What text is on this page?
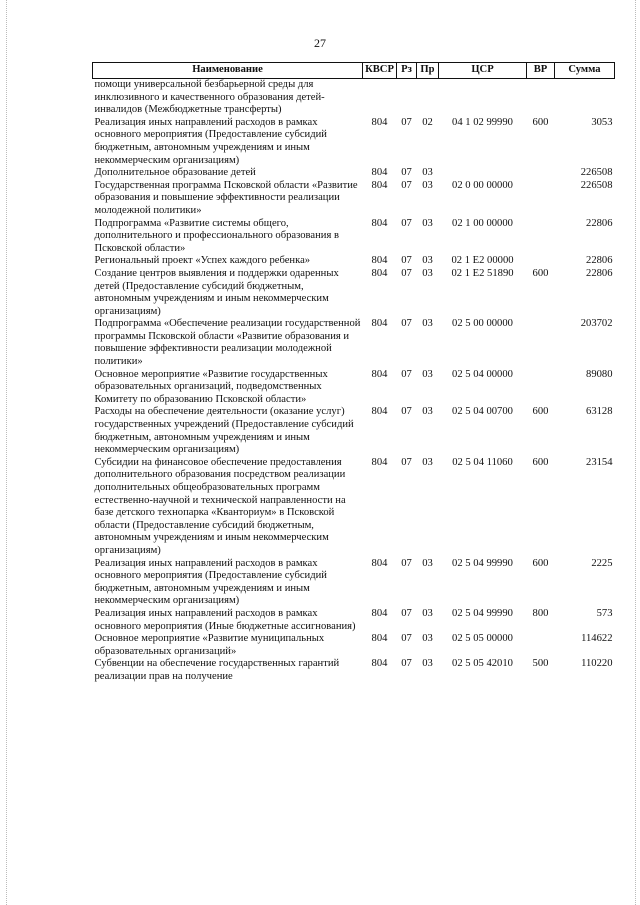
27
Наименование	КВСР	Рз	Пр	ЦСР	ВР	Сумма
помощи универсальной безбарьерной среды для инклюзивного и качественного образования детей-инвалидов (Межбюджетные трансферты)						
Реализация иных направлений расходов в рамках основного мероприятия (Предоставление субсидий бюджетным, автономным учреждениям и иным некоммерческим организациям)	804	07	02	04 1 02 99990	600	3053
Дополнительное образование детей	804	07	03			226508
Государственная программа Псковской области «Развитие образования и повышение эффективности реализации молодежной политики»	804	07	03	02 0 00 00000		226508
Подпрограмма «Развитие системы общего, дополнительного и профессионального образования в Псковской области»	804	07	03	02 1 00 00000		22806
Региональный проект «Успех каждого ребенка»	804	07	03	02 1 E2 00000		22806
Создание центров выявления и поддержки одаренных детей (Предоставление субсидий бюджетным, автономным учреждениям и иным некоммерческим организациям)	804	07	03	02 1 E2 51890	600	22806
Подпрограмма «Обеспечение реализации государственной программы Псковской области «Развитие образования и повышение эффективности реализации молодежной политики»	804	07	03	02 5 00 00000		203702
Основное мероприятие «Развитие государственных образовательных организаций, подведомственных Комитету по образованию Псковской области»	804	07	03	02 5 04 00000		89080
Расходы на обеспечение деятельности (оказание услуг) государственных учреждений (Предоставление субсидий бюджетным, автономным учреждениям и иным некоммерческим организациям)	804	07	03	02 5 04 00700	600	63128
Субсидии на финансовое обеспечение предоставления дополнительного образования посредством реализации дополнительных общеобразовательных программ естественно-научной и технической направленности на базе детского технопарка «Кванториум» в Псковской области (Предоставление субсидий бюджетным, автономным учреждениям и иным некоммерческим организациям)	804	07	03	02 5 04 11060	600	23154
Реализация иных направлений расходов в рамках основного мероприятия (Предоставление субсидий бюджетным, автономным учреждениям и иным некоммерческим организациям)	804	07	03	02 5 04 99990	600	2225
Реализация иных направлений расходов в рамках основного мероприятия (Иные бюджетные ассигнования)	804	07	03	02 5 04 99990	800	573
Основное мероприятие «Развитие муниципальных образовательных организаций»	804	07	03	02 5 05 00000		114622
Субвенции на обеспечение государственных гарантий реализации прав на получение	804	07	03	02 5 05 42010	500	110220
